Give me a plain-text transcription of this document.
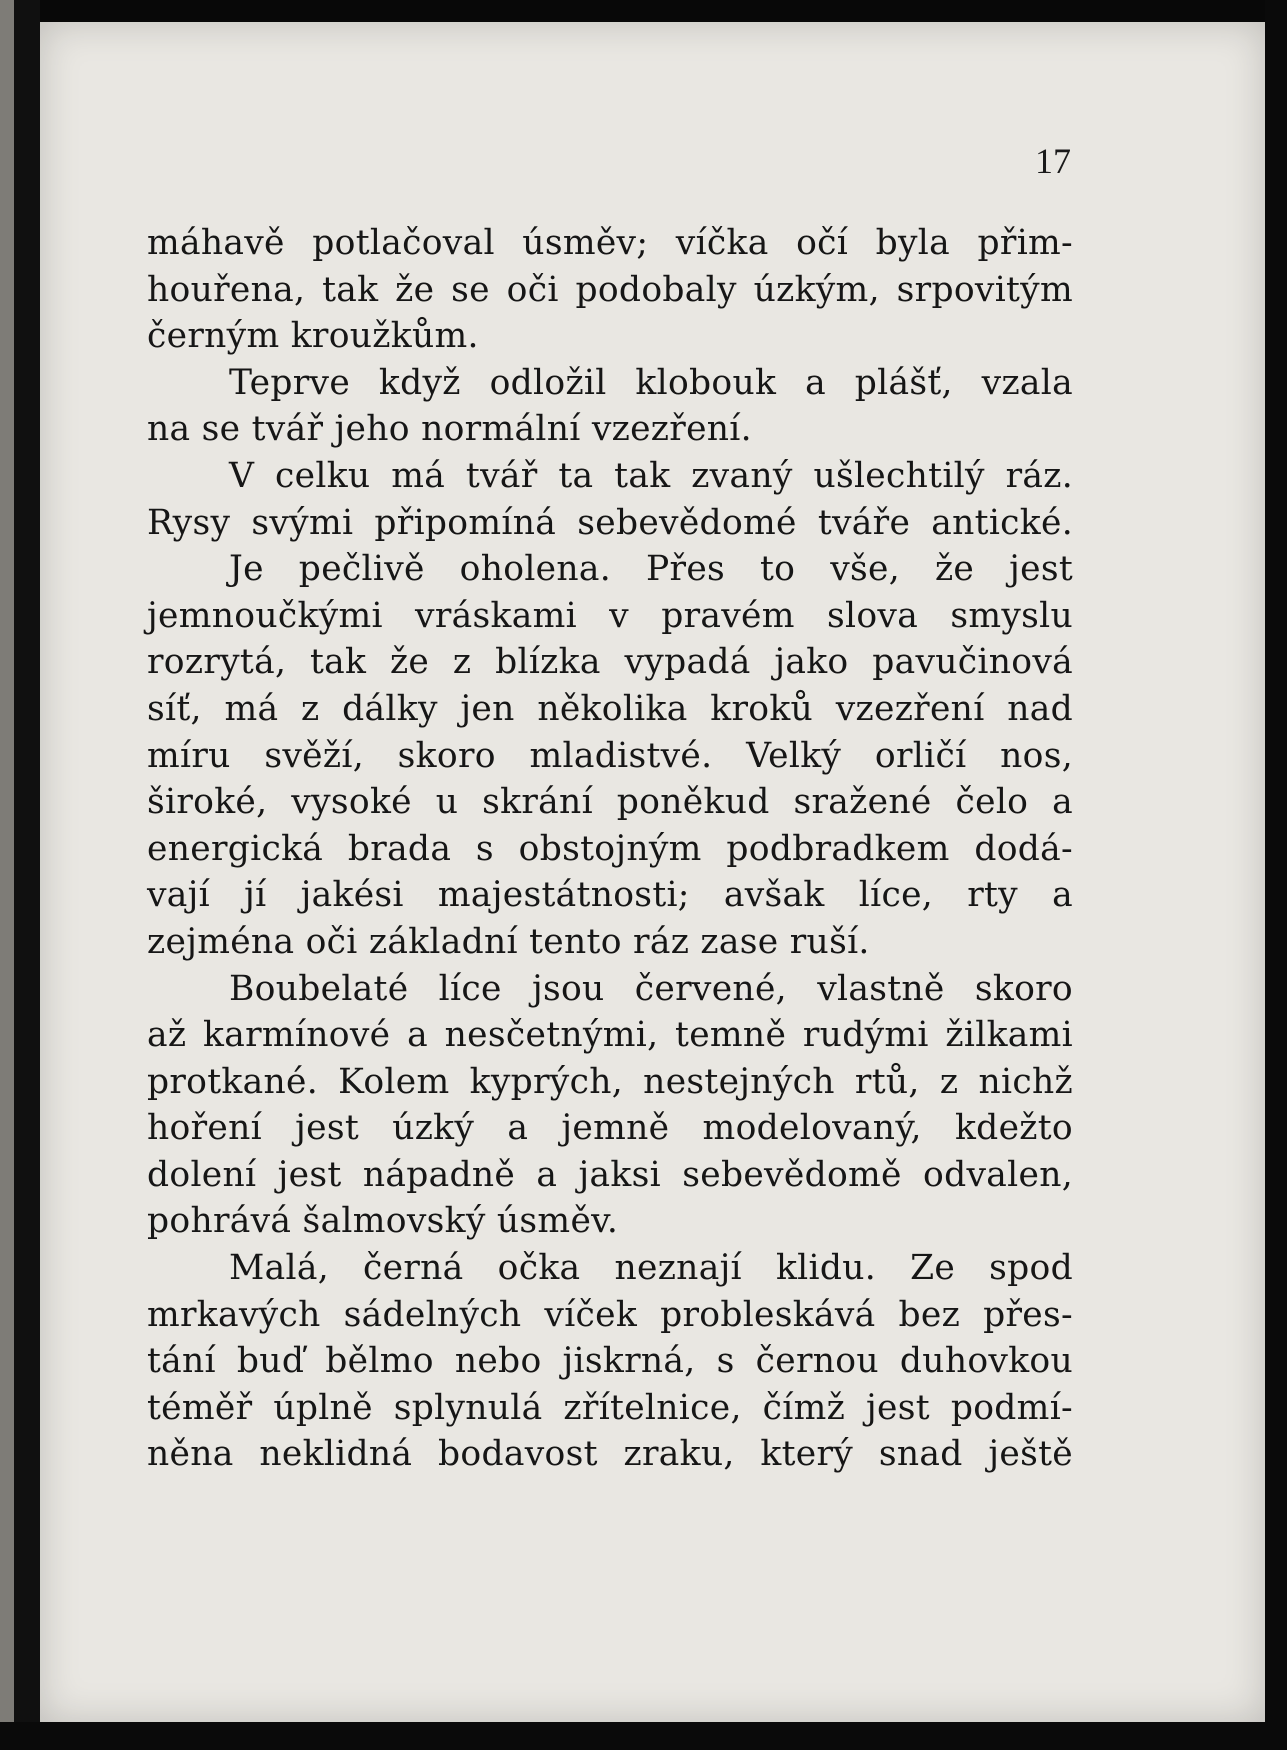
17
máhavě potlačoval úsměv; víčka očí byla přim-
houřena, tak že se oči podobaly úzkým, srpovitým
černým kroužkům.
Teprve když odložil klobouk a plášť, vzala
na se tvář jeho normální vzezření.
V celku má tvář ta tak zvaný ušlechtilý ráz.
Rysy svými připomíná sebevědomé tváře antické.
Je pečlivě oholena. Přes to vše, že jest
jemnoučkými vráskami v pravém slova smyslu
rozrytá, tak že z blízka vypadá jako pavučinová
síť, má z dálky jen několika kroků vzezření nad
míru svěží, skoro mladistvé. Velký orličí nos,
široké, vysoké u skrání poněkud sražené čelo a
energická brada s obstojným podbradkem dodá-
vají jí jakési majestátnosti; avšak líce, rty a
zejména oči základní tento ráz zase ruší.
Boubelaté líce jsou červené, vlastně skoro
až karmínové a nesčetnými, temně rudými žilkami
protkané. Kolem kyprých, nestejných rtů, z nichž
hoření jest úzký a jemně modelovaný, kdežto
dolení jest nápadně a jaksi sebevědomě odvalen,
pohrává šalmovský úsměv.
Malá, černá očka neznají klidu. Ze spod
mrkavých sádelných víček probleskává bez přes-
tání buď bělmo nebo jiskrná, s černou duhovkou
téměř úplně splynulá zřítelnice, čímž jest podmí-
něna neklidná bodavost zraku, který snad ještě
